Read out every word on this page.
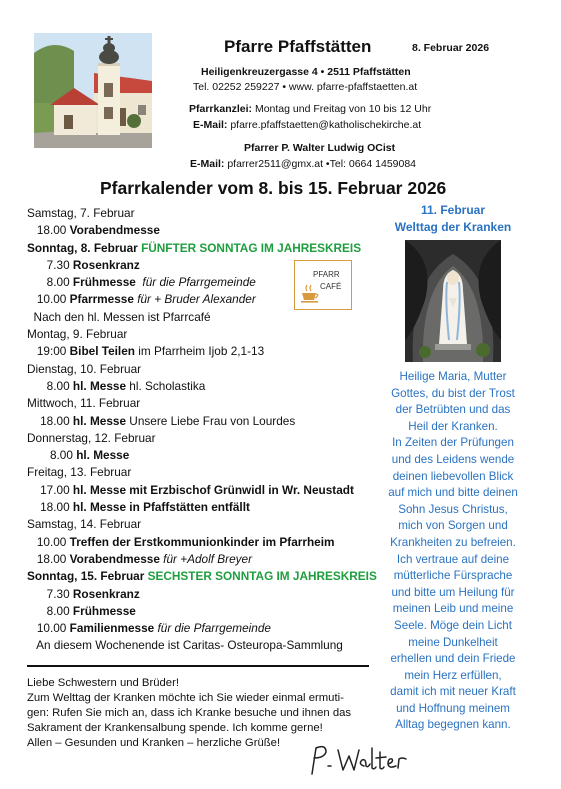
Pfarre Pfaffstätten	8. Februar 2026
Heiligenkreuzergasse 4 • 2511 Pfaffstätten
Tel. 02252 259227 • www. pfarre-pfaffstaetten.at
Pfarrkanzlei: Montag und Freitag von 10 bis 12 Uhr
E-Mail: pfarre.pfaffstaetten@katholischekirche.at
Pfarrer P. Walter Ludwig OCist
E-Mail: pfarrer2511@gmx.at •Tel: 0664 1459084
Pfarrkalender vom 8. bis 15. Februar 2026
Samstag, 7. Februar
18.00 Vorabendmesse
Sonntag, 8. Februar FÜNFTER SONNTAG IM JAHRESKREIS
7.30 Rosenkranz
8.00 Frühmesse  für die Pfarrgemeinde
10.00 Pfarrmesse für + Bruder Alexander
Nach den hl. Messen ist Pfarrcafé
Montag, 9. Februar
19:00 Bibel Teilen im Pfarrheim Ijob 2,1-13
Dienstag, 10. Februar
8.00 hl. Messe hl. Scholastika
Mittwoch, 11. Februar
18.00 hl. Messe Unsere Liebe Frau von Lourdes
Donnerstag, 12. Februar
8.00 hl. Messe
Freitag, 13. Februar
17.00 hl. Messe mit Erzbischof Grünwidl in Wr. Neustadt
18.00 hl. Messe in Pfaffstätten entfällt
Samstag, 14. Februar
10.00 Treffen der Erstkommunionkinder im Pfarrheim
18.00 Vorabendmesse für +Adolf Breyer
Sonntag, 15. Februar SECHSTER SONNTAG IM JAHRESKREIS
7.30 Rosenkranz
8.00 Frühmesse
10.00 Familienmesse für die Pfarrgemeinde
An diesem Wochenende ist Caritas- Osteuropa-Sammlung
PFARR
CAFÉ
Liebe Schwestern und Brüder!
Zum Welttag der Kranken möchte ich Sie wieder einmal ermuti-
gen: Rufen Sie mich an, dass ich Kranke besuche und ihnen das
Sakrament der Krankensalbung spende. Ich komme gerne!
Allen – Gesunden und Kranken – herzliche Grüße!
11. Februar
Welttag der Kranken
Heilige Maria, Mutter
Gottes, du bist der Trost
der Betrübten und das
Heil der Kranken.
In Zeiten der Prüfungen
und des Leidens wende
deinen liebevollen Blick
auf mich und bitte deinen
Sohn Jesus Christus,
mich von Sorgen und
Krankheiten zu befreien.
Ich vertraue auf deine
mütterliche Fürsprache
und bitte um Heilung für
meinen Leib und meine
Seele. Möge dein Licht
meine Dunkelheit
erhellen und dein Friede
mein Herz erfüllen,
damit ich mit neuer Kraft
und Hoffnung meinem
Alltag begegnen kann.
